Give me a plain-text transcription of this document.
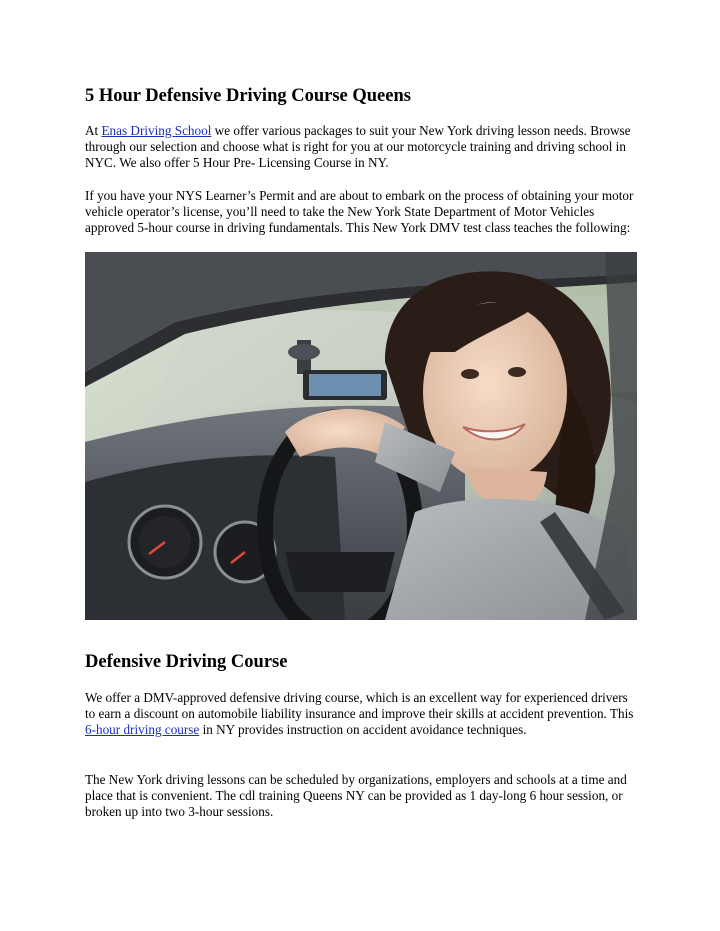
5 Hour Defensive Driving Course Queens

At Enas Driving School we offer various packages to suit your New York driving lesson needs. Browse through our selection and choose what is right for you at our motorcycle training and driving school in NYC. We also offer 5 Hour Pre- Licensing Course in NY.

If you have your NYS Learner’s Permit and are about to embark on the process of obtaining your motor vehicle operator’s license, you’ll need to take the New York State Department of Motor Vehicles approved 5-hour course in driving fundamentals. This New York DMV test class teaches the following:

Defensive Driving Course

We offer a DMV-approved defensive driving course, which is an excellent way for experienced drivers to earn a discount on automobile liability insurance and improve their skills at accident prevention. This 6-hour driving course in NY provides instruction on accident avoidance techniques.

The New York driving lessons can be scheduled by organizations, employers and schools at a time and place that is convenient. The cdl training Queens NY can be provided as 1 day-long 6 hour session, or broken up into two 3-hour sessions.
